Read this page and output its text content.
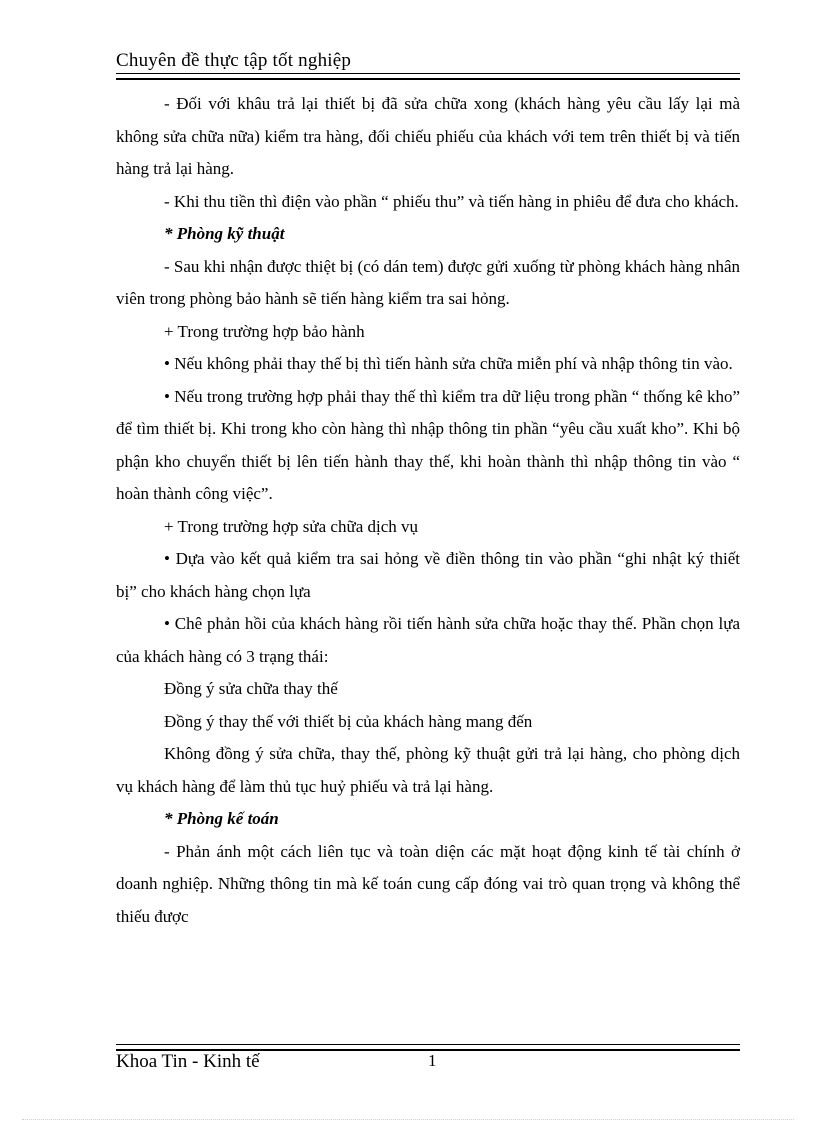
Chuyên đề thực tập tốt nghiệp

- Đối với khâu trả lại thiết bị đã sửa chữa xong (khách hàng yêu cầu lấy lại mà không sửa chữa nữa) kiểm tra hàng, đối chiếu phiếu của khách với tem trên thiết bị và tiến hàng trả lại hàng.

- Khi thu tiền thì điện vào phần “ phiếu thu” và tiến hàng in phiêu để đưa cho khách.

* Phòng kỹ thuật

- Sau khi nhận được thiệt bị (có dán tem) được gửi xuống từ phòng khách hàng nhân viên trong phòng bảo hành sẽ tiến hàng kiểm tra sai hỏng.

+ Trong trường hợp bảo hành

• Nếu không phải thay thế bị thì tiến hành sửa chữa miễn phí và nhập thông tin vào.

• Nếu trong trường hợp phải thay thế thì kiểm tra dữ liệu trong phần “ thống kê kho” để tìm thiết bị. Khi trong kho còn hàng thì nhập thông tin phần “yêu cầu xuất kho”. Khi bộ phận kho chuyển thiết bị lên tiến hành thay thế, khi hoàn thành thì nhập thông tin vào “ hoàn thành công việc”.

+ Trong trường hợp sửa chữa dịch vụ

• Dựa vào kết quả kiểm tra sai hỏng về điền thông tin vào phần “ghi nhật ký thiết bị” cho khách hàng chọn lựa

• Chê phản hồi của khách hàng rồi tiến hành sửa chữa hoặc thay thế. Phần chọn lựa của khách hàng có 3 trạng thái:

Đồng ý sửa chữa thay thế

Đồng ý thay thế với thiết bị của khách hàng mang đến

Không đồng ý sửa chữa, thay thế, phòng kỹ thuật gửi trả lại hàng, cho phòng dịch vụ khách hàng để làm thủ tục huỷ phiếu và trả lại hàng.

* Phòng kế toán

- Phản ánh một cách liên tục và toàn diện các mặt hoạt động kinh tế tài chính ở doanh nghiệp. Những thông tin mà kế toán cung cấp đóng vai trò quan trọng và không thể thiếu được

Khoa Tin - Kinh tế	1
